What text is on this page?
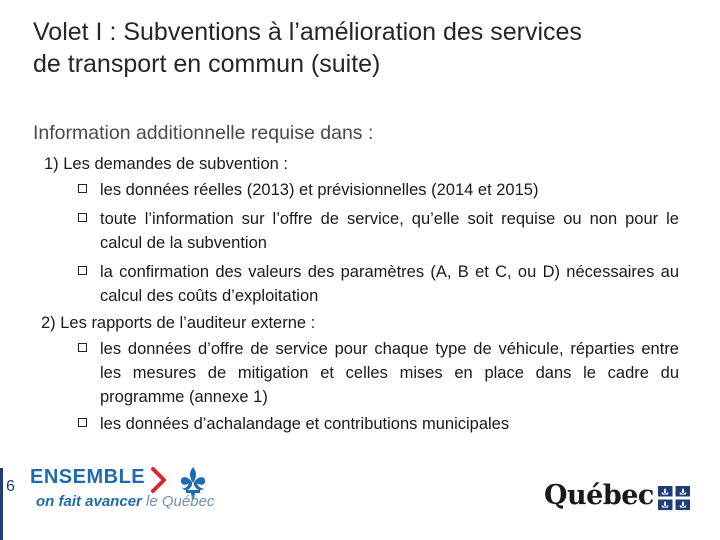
Volet I : Subventions à l’amélioration des services
de transport en commun (suite)
Information additionnelle requise dans :
1) Les demandes de subvention :
les données réelles (2013) et prévisionnelles (2014 et 2015)
toute l’information sur l’offre de service, qu’elle soit requise ou non pour le calcul de la subvention
la confirmation des valeurs des paramètres (A, B et C, ou D) nécessaires au calcul des coûts d’exploitation
2) Les rapports de l’auditeur externe :
les données d’offre de service pour chaque type de véhicule, réparties entre les mesures de mitigation et celles mises en place dans le cadre du programme (annexe 1)
les données d’achalandage et contributions municipales
ENSEMBLE
on fait avancer le Québec
6	Québec
